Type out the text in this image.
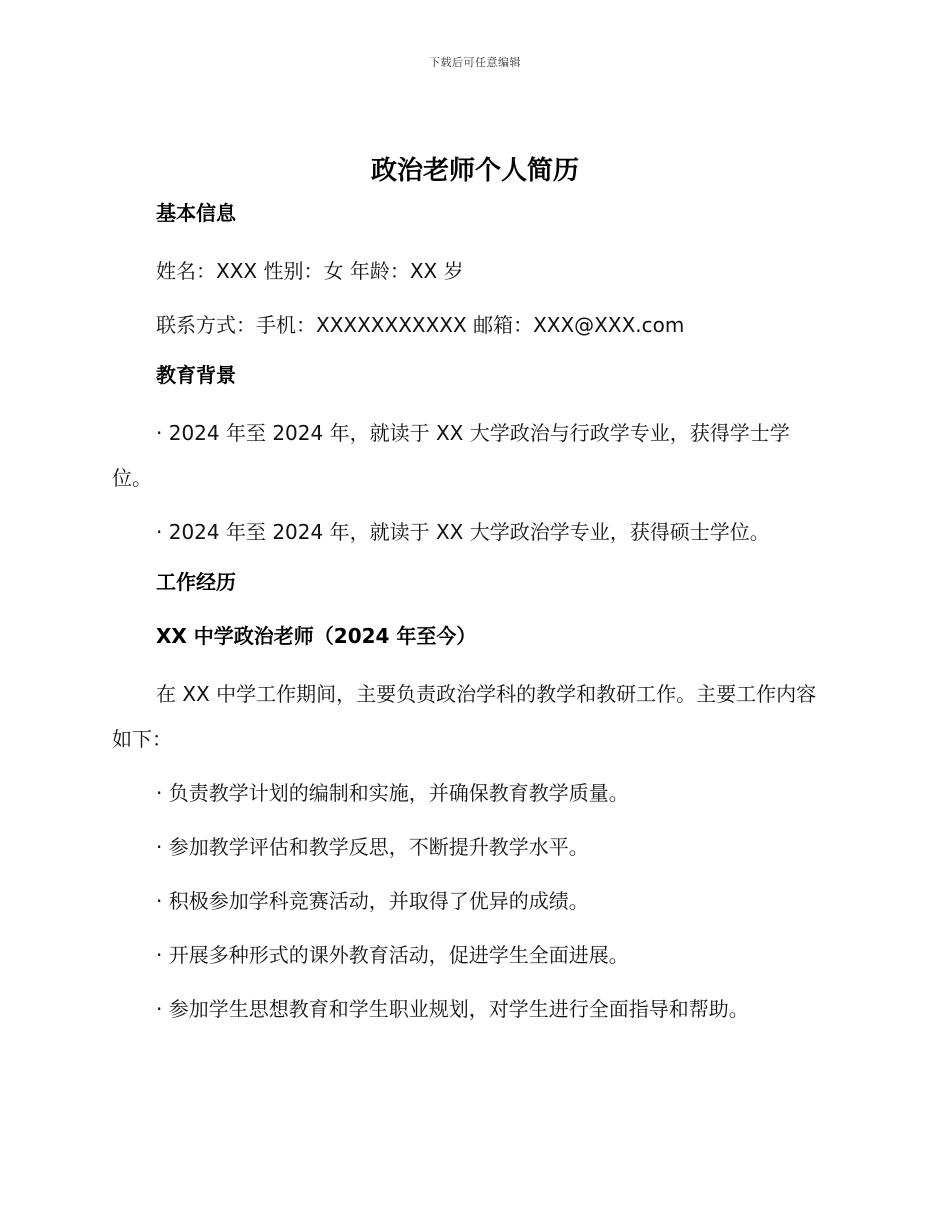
下载后可任意编辑
政治老师个人简历
基本信息

姓名：XXX 性别：女 年龄：XX 岁

联系方式：手机：XXXXXXXXXXX 邮箱：XXX@XXX.com

教育背景

· 2024 年至 2024 年，就读于 XX 大学政治与行政学专业，获得学士学位。

· 2024 年至 2024 年，就读于 XX 大学政治学专业，获得硕士学位。

工作经历
XX 中学政治老师（2024 年至今）

在 XX 中学工作期间，主要负责政治学科的教学和教研工作。主要工作内容如下：

· 负责教学计划的编制和实施，并确保教育教学质量。

· 参加教学评估和教学反思，不断提升教学水平。

· 积极参加学科竞赛活动，并取得了优异的成绩。

· 开展多种形式的课外教育活动，促进学生全面进展。

· 参加学生思想教育和学生职业规划，对学生进行全面指导和帮助。
